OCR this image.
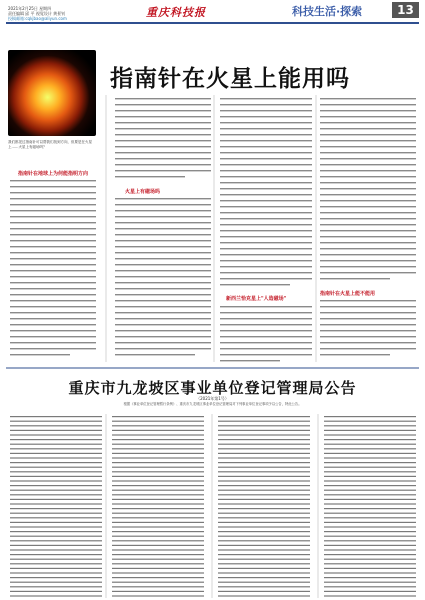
2021年2月25日 星期四
责任编辑 邱 平 视觉设计 黄景钊
投稿邮箱:cqkjbao@aliyun.com	重庆科技报	科技生活·探索	13
指南针在火星上能用吗
我们都见过指南针可以帮我们找到方向，但要是在火星上……火星上有磁场吗？
指南针在地球上为何能指明方向
火星上有磁场吗
新西兰恰克星上"人造磁场"
指南针在火星上能不能用
重庆市九龙坡区事业单位登记管理局公告
（2021年第1号）
根据《事业单位登记管理暂行条例》、重庆市九龙坡区事业单位登记管理局对下列事业单位登记事项予以公告，特此公告。
